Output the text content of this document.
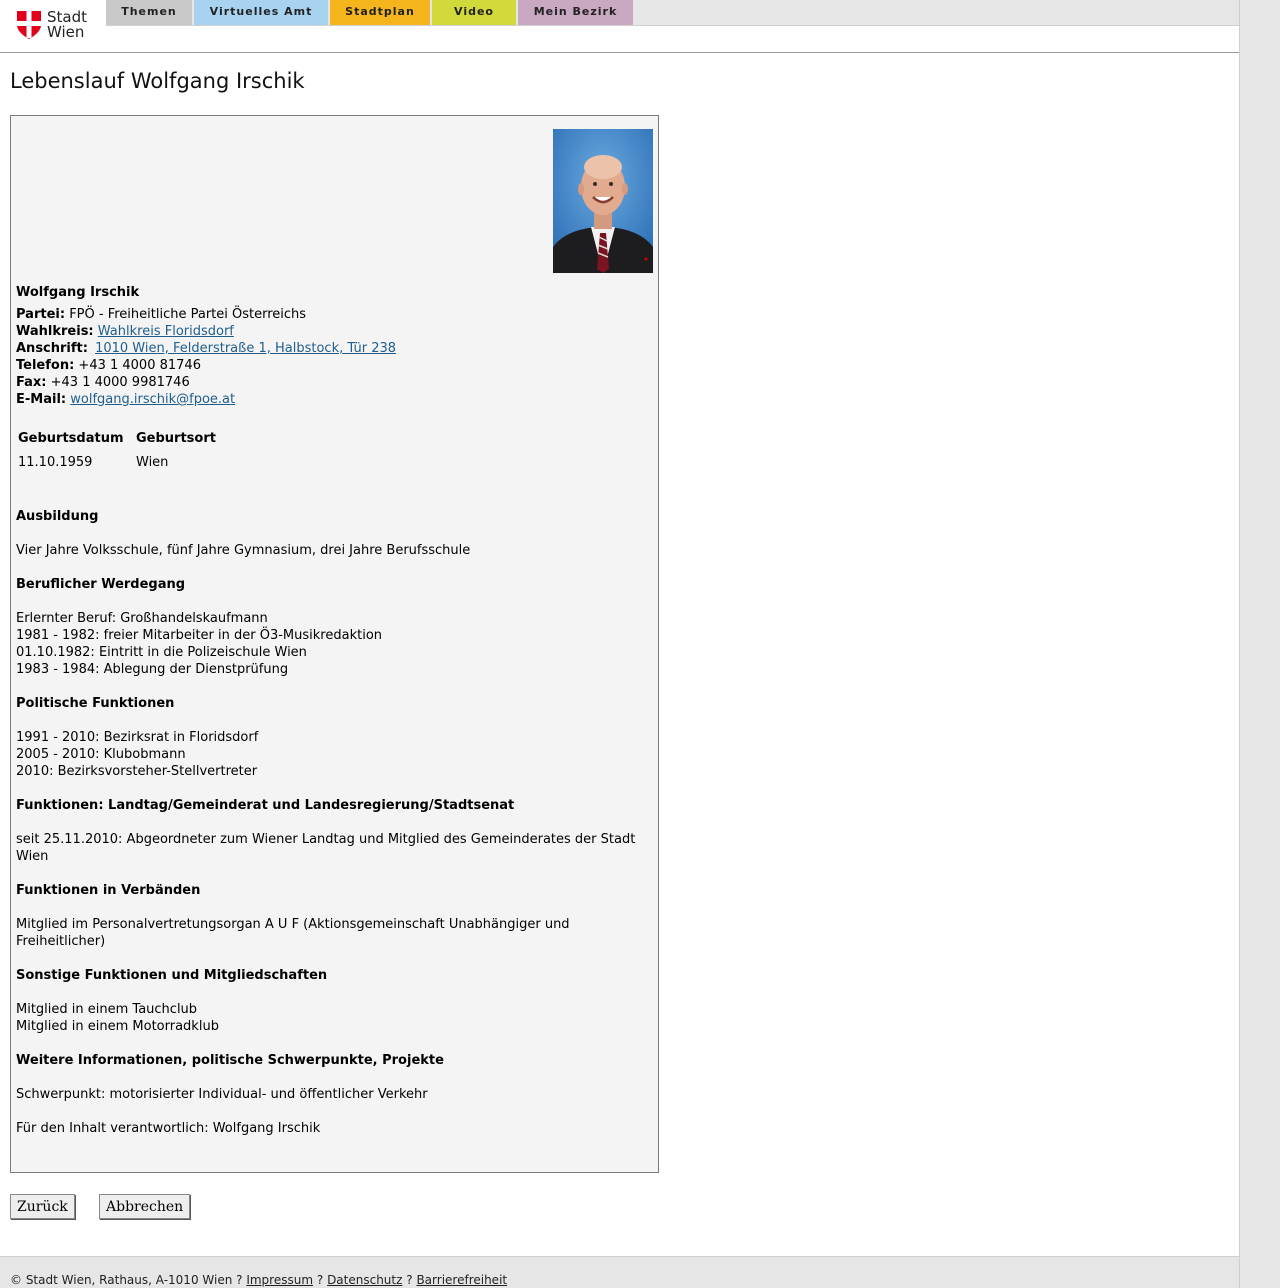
Stadt
Wien
Themen	Virtuelles Amt	Stadtplan	Video	Mein Bezirk
Lebenslauf Wolfgang Irschik
Wolfgang Irschik
Partei: FPÖ - Freiheitliche Partei Österreichs
Wahlkreis: Wahlkreis Floridsdorf
Anschrift: 1010 Wien, Felderstraße 1, Halbstock, Tür 238
Telefon: +43 1 4000 81746
Fax: +43 1 4000 9981746
E-Mail: wolfgang.irschik@fpoe.at
Geburtsdatum Geburtsort
11.10.1959	Wien
Ausbildung
Vier Jahre Volksschule, fünf Jahre Gymnasium, drei Jahre Berufsschule
Beruflicher Werdegang
Erlernter Beruf: Großhandelskaufmann
1981 - 1982: freier Mitarbeiter in der Ö3-Musikredaktion
01.10.1982: Eintritt in die Polizeischule Wien
1983 - 1984: Ablegung der Dienstprüfung
Politische Funktionen
1991 - 2010: Bezirksrat in Floridsdorf
2005 - 2010: Klubobmann
2010: Bezirksvorsteher-Stellvertreter
Funktionen: Landtag/Gemeinderat und Landesregierung/Stadtsenat
seit 25.11.2010: Abgeordneter zum Wiener Landtag und Mitglied des Gemeinderates der Stadt Wien
Funktionen in Verbänden
Mitglied im Personalvertretungsorgan A U F (Aktionsgemeinschaft Unabhängiger und Freiheitlicher)
Sonstige Funktionen und Mitgliedschaften
Mitglied in einem Tauchclub
Mitglied in einem Motorradklub
Weitere Informationen, politische Schwerpunkte, Projekte
Schwerpunkt: motorisierter Individual- und öffentlicher Verkehr
Für den Inhalt verantwortlich: Wolfgang Irschik
Zurück	Abbrechen
© Stadt Wien, Rathaus, A-1010 Wien ? Impressum ? Datenschutz ? Barrierefreiheit
